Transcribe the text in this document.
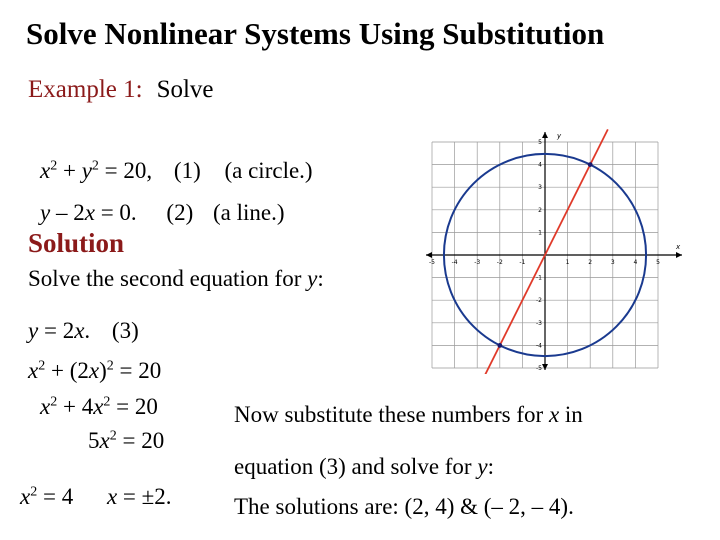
Solve Nonlinear Systems Using Substitution
Example 1: Solve
$x^2 + y^2 = 20$, (1) (a circle.)
y – 2x = 0. (2) (a line.)
Solution
Solve the second equation for y:
y = 2x. (3)
$x^2 + (2x)^2 = 20$
$x^2 + 4x^2 = 20$
$5x^2 = 20$
$x^2 = 4$ x = ±2.
Now substitute these numbers for x in
equation (3) and solve for y:
The solutions are: (2, 4) & (– 2, – 4).
x
y
-5	-4	-3	-2	-1	1	2	3	4	5
5
4
3
2
1
-1
-2
-3
-4
-5
